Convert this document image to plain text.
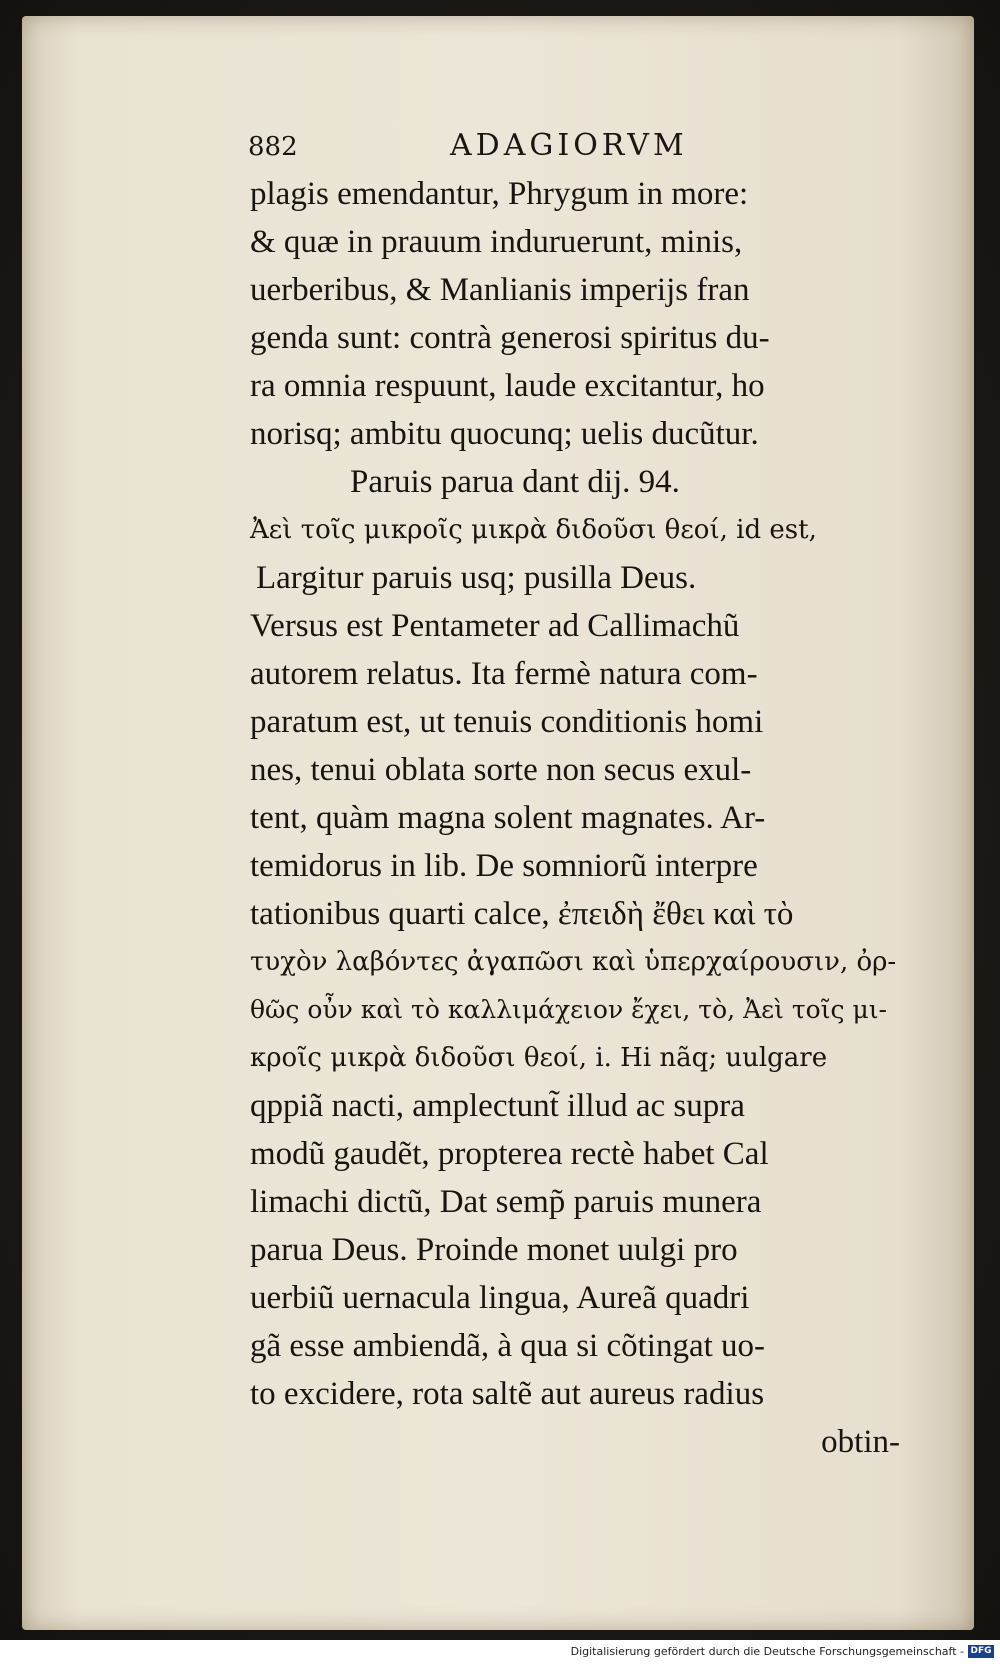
882	ADAGIORVM
plagis emendantur, Phrygum in more:
& quæ in prauum induruerunt, minis,
uerberibus, & Manlianis imperijs fran
genda sunt: contrà generosi spiritus du-
ra omnia respuunt, laude excitantur, ho
norisq; ambitu quocunq; uelis ducũtur.
Paruis parua dant dij. 94.
Ἀεὶ τοῖς μικροῖς μικρὰ διδοῦσι θεοί, id est,
Largitur paruis usq; pusilla Deus.
Versus est Pentameter ad Callimachũ
autorem relatus. Ita fermè natura com-
paratum est, ut tenuis conditionis homi
nes, tenui oblata sorte non secus exul-
tent, quàm magna solent magnates. Ar-
temidorus in lib. De somniorũ interpre
tationibus quarti calce, ἐπειδὴ ἔθει καὶ τὸ
τυχὸν λαβόντες ἀγαπῶσι καὶ ὑπερχαίρουσιν, ὀρ-
θῶς οὖν καὶ τὸ καλλιμάχειον ἔχει, τὸ, Ἀεὶ τοῖς μι-
κροῖς μικρὰ διδοῦσι θεοί, i. Hi nãq; uulgare
qppiã nacti, amplectunt̃ illud ac supra
modũ gaudẽt, propterea rectè habet Cal
limachi dictũ, Dat semp̃ paruis munera
parua Deus. Proinde monet uulgi pro
uerbiũ uernacula lingua, Aureã quadri
gã esse ambiendã, à qua si cõtingat uo-
to excidere, rota saltẽ aut aureus radius
obtin-
Digitalisierung gefördert durch die Deutsche Forschungsgemeinschaft - DFG
